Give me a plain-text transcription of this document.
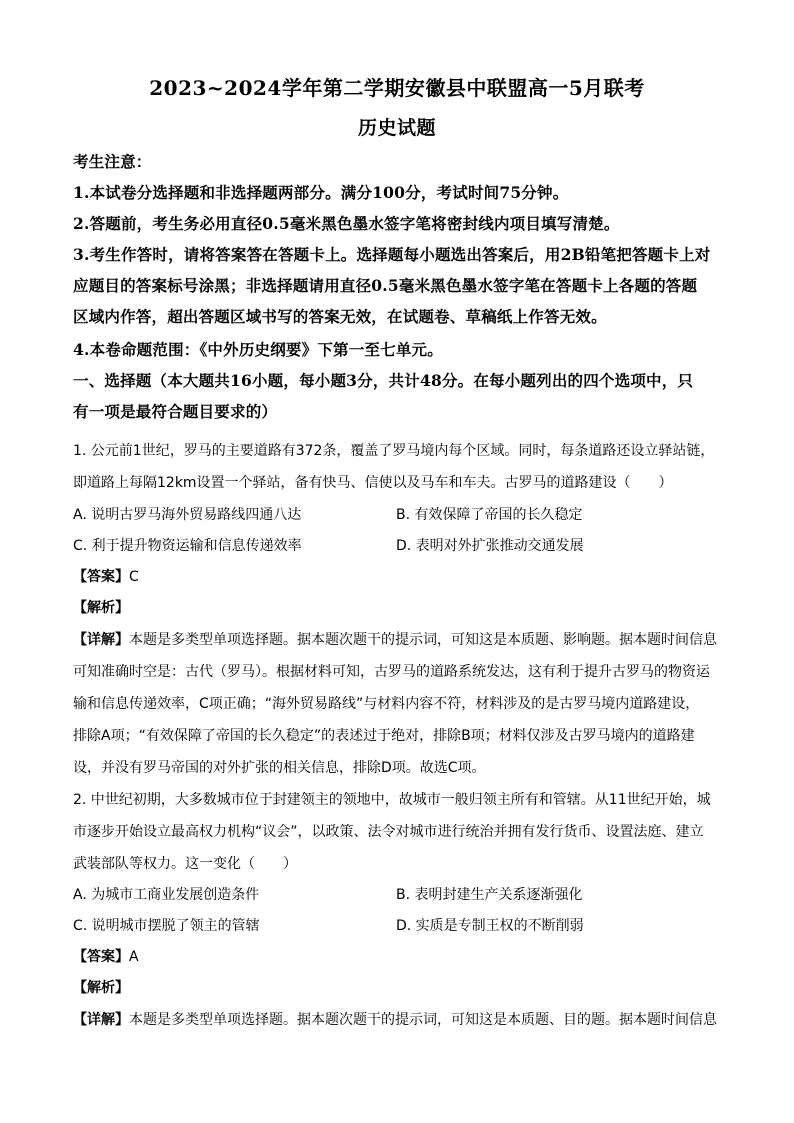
2023~2024学年第二学期安徽县中联盟高一5月联考
历史试题
考生注意：
1.本试卷分选择题和非选择题两部分。满分100分，考试时间75分钟。
2.答题前，考生务必用直径0.5毫米黑色墨水签字笔将密封线内项目填写清楚。
3.考生作答时，请将答案答在答题卡上。选择题每小题选出答案后，用2B铅笔把答题卡上对
应题目的答案标号涂黑；非选择题请用直径0.5毫米黑色墨水签字笔在答题卡上各题的答题
区域内作答，超出答题区域书写的答案无效，在试题卷、草稿纸上作答无效。
4.本卷命题范围：《中外历史纲要》下第一至七单元。
一、选择题（本大题共16小题，每小题3分，共计48分。在每小题列出的四个选项中，只
有一项是最符合题目要求的）
1. 公元前1世纪，罗马的主要道路有372条，覆盖了罗马境内每个区域。同时，每条道路还设立驿站链，
即道路上每隔12km设置一个驿站，备有快马、信使以及马车和车夫。古罗马的道路建设（　　）
A. 说明古罗马海外贸易路线四通八达	B. 有效保障了帝国的长久稳定
C. 利于提升物资运输和信息传递效率	D. 表明对外扩张推动交通发展
【答案】C
【解析】
【详解】本题是多类型单项选择题。据本题次题干的提示词，可知这是本质题、影响题。据本题时间信息
可知准确时空是：古代（罗马）。根据材料可知，古罗马的道路系统发达，这有利于提升古罗马的物资运
输和信息传递效率，C项正确；“海外贸易路线”与材料内容不符，材料涉及的是古罗马境内道路建设，
排除A项；“有效保障了帝国的长久稳定”的表述过于绝对，排除B项；材料仅涉及古罗马境内的道路建
设，并没有罗马帝国的对外扩张的相关信息，排除D项。故选C项。
2. 中世纪初期，大多数城市位于封建领主的领地中，故城市一般归领主所有和管辖。从11世纪开始，城
市逐步开始设立最高权力机构“议会”，以政策、法令对城市进行统治并拥有发行货币、设置法庭、建立
武装部队等权力。这一变化（　　）
A. 为城市工商业发展创造条件	B. 表明封建生产关系逐渐强化
C. 说明城市摆脱了领主的管辖	D. 实质是专制王权的不断削弱
【答案】A
【解析】
【详解】本题是多类型单项选择题。据本题次题干的提示词，可知这是本质题、目的题。据本题时间信息
